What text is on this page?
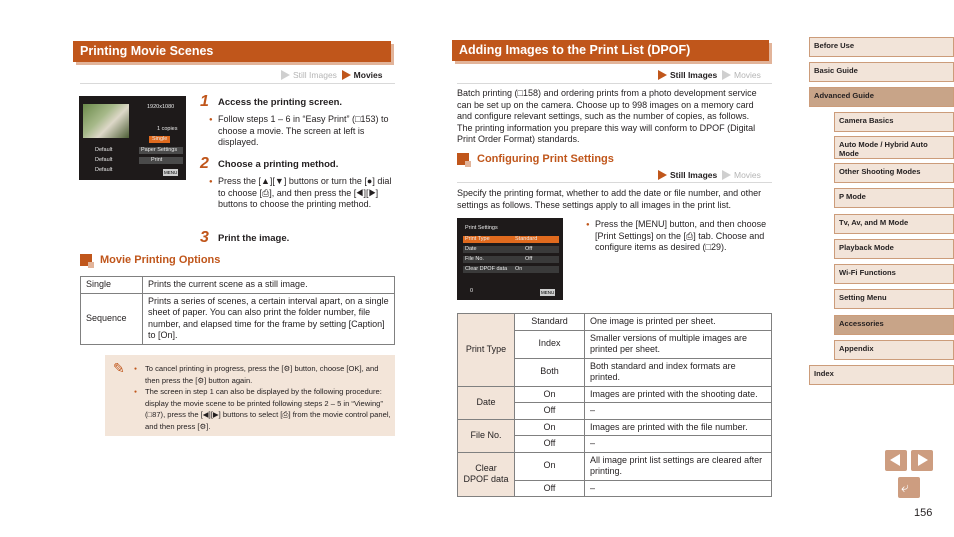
Printing Movie Scenes
Still Images Movies
1920x1080
1 copies
Single
Default
Default
Default
Paper Settings
Print
MENU
1 Access the printing screen.
● Follow steps 1 – 6 in “Easy Print” (□153) to choose a movie. The screen at left is displayed.
2 Choose a printing method.
● Press the [▲][▼] buttons or turn the [●] dial to choose [⎙], and then press the [◀][▶] buttons to choose the printing method.
3 Print the image.
Movie Printing Options
Single	Prints the current scene as a still image.
Sequence	Prints a series of scenes, a certain interval apart, on a single sheet of paper. You can also print the folder number, file number, and elapsed time for the frame by setting [Caption] to [On].
✎	● To cancel printing in progress, press the [⚙] button, choose [OK], and then press the [⚙] button again.
● The screen in step 1 can also be displayed by the following procedure: display the movie scene to be printed following steps 2 – 5 in “Viewing” (□87), press the [◀][▶] buttons to select [⎙] from the movie control panel, and then press [⚙].
Adding Images to the Print List (DPOF)
Still Images Movies
Batch printing (□158) and ordering prints from a photo development service can be set up on the camera. Choose up to 998 images on a memory card and configure relevant settings, such as the number of copies, as follows. The printing information you prepare this way will conform to DPOF (Digital Print Order Format) standards.
Configuring Print Settings
Still Images Movies
Specify the printing format, whether to add the date or file number, and other settings as follows. These settings apply to all images in the print list.
Print Settings
Print Type	Standard
Date	Off
File No.	Off
Clear DPOF data	On
0	MENU
● Press the [MENU] button, and then choose [Print Settings] on the [⎙] tab. Choose and configure items as desired (□29).
Print Type	Standard	One image is printed per sheet.
	Index	Smaller versions of multiple images are printed per sheet.
	Both	Both standard and index formats are printed.
Date	On	Images are printed with the shooting date.
	Off	–
File No.	On	Images are printed with the file number.
	Off	–
Clear DPOF data	On	All image print list settings are cleared after printing.
	Off	–
Before Use
Basic Guide
Advanced Guide
Camera Basics
Auto Mode / Hybrid Auto Mode
Other Shooting Modes
P Mode
Tv, Av, and M Mode
Playback Mode
Wi-Fi Functions
Setting Menu
Accessories
Appendix
Index
⤶
156
